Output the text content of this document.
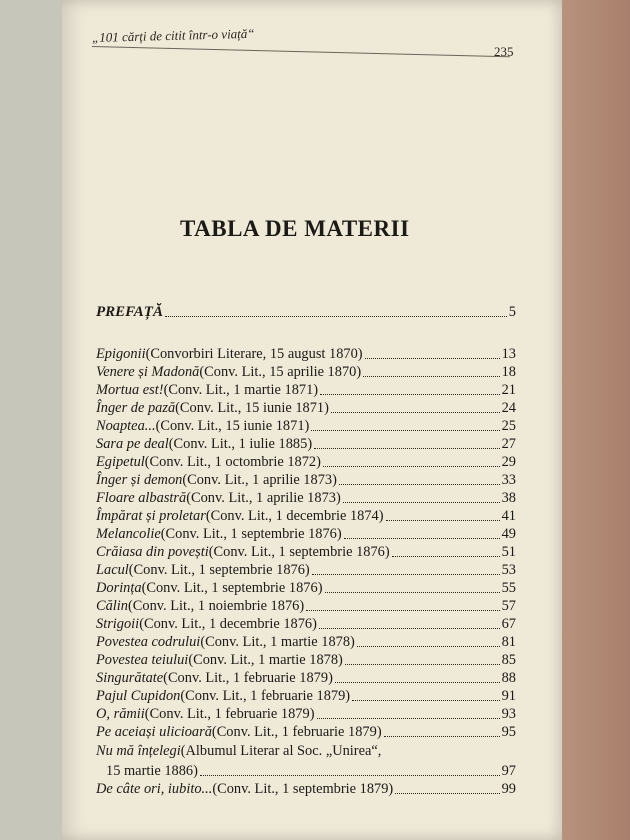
„101 cărți de citit într-o viață“
235
TABLA DE MATERII
PREFAȚĂ	5
Epigonii (Convorbiri Literare, 15 august 1870)	13
Venere și Madonă (Conv. Lit., 15 aprilie 1870)	18
Mortua est! (Conv. Lit., 1 martie 1871)	21
Înger de pază (Conv. Lit., 15 iunie 1871)	24
Noaptea... (Conv. Lit., 15 iunie 1871)	25
Sara pe deal (Conv. Lit., 1 iulie 1885)	27
Egipetul (Conv. Lit., 1 octombrie 1872)	29
Înger și demon (Conv. Lit., 1 aprilie 1873)	33
Floare albastră (Conv. Lit., 1 aprilie 1873)	38
Împărat și proletar (Conv. Lit., 1 decembrie 1874)	41
Melancolie (Conv. Lit., 1 septembrie 1876)	49
Crăiasa din povești (Conv. Lit., 1 septembrie 1876)	51
Lacul (Conv. Lit., 1 septembrie 1876)	53
Dorința (Conv. Lit., 1 septembrie 1876)	55
Călin (Conv. Lit., 1 noiembrie 1876)	57
Strigoii (Conv. Lit., 1 decembrie 1876)	67
Povestea codrului (Conv. Lit., 1 martie 1878)	81
Povestea teiului (Conv. Lit., 1 martie 1878)	85
Singurătate (Conv. Lit., 1 februarie 1879)	88
Pajul Cupidon (Conv. Lit., 1 februarie 1879)	91
O, rămii (Conv. Lit., 1 februarie 1879)	93
Pe aceiași ulicioară (Conv. Lit., 1 februarie 1879)	95
Nu mă înțelegi (Albumul Literar al Soc. „Unirea“,
15 martie 1886)	97
De câte ori, iubito... (Conv. Lit., 1 septembrie 1879)	99
